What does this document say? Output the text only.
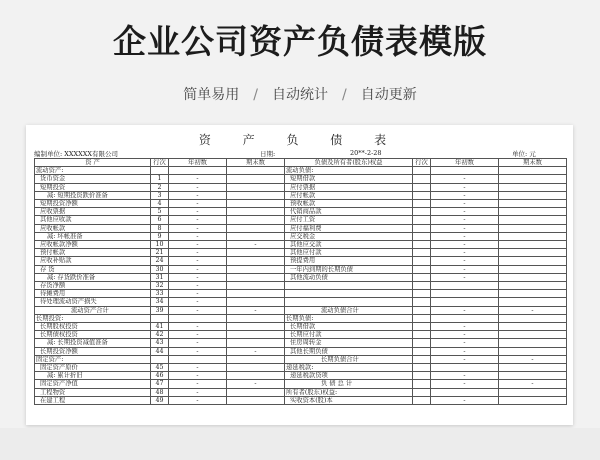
企业公司资产负债表模版
简单易用 / 自动统计 / 自动更新
资 产 负 债 表
编制单位: XXXXXX有限公司	日期:	20**-2-28	单位: 元
资 产	行次	年初数	期末数	负债及所有者(股东)权益	行次	年初数	期末数
流动资产:				流动负债:			
货币资金	1	-		短期借款		-	
短期投资	2	-		应付票据		-	
减: 短期投资跌价准备	3	-		应付帐款		-	
短期投资净额	4	-		预收帐款		-	
应收票据	5	-		代销商品款		-	
其他应收款	6	-		应付工资		-	
应收帐款	8	-		应付福利费		-	
减: 坏帐准备	9	-		应交税金		-	
应收帐款净额	10	-	-	其他应交款		-	
预付帐款	21	-		其他应付款		-	
应收补贴款	24	-		预提费用		-	
存 货	30	-		一年内到期的长期负债		-	
减: 存货跌价准备	31	-		其他流动负债		-	
存货净额	32	-					
待摊费用	33	-					
待处理流动资产损失	34	-					
流动资产合计	39	-	-	流动负债合计		-	-
长期投资:				长期负债:			
长期股权投资	41	-		长期借款		-	
长期债权投资	42	-		长期应付款		-	
减: 长期投资减值准备	43	-		住房周转金		-	
长期投资净额	44	-	-	其他长期负债		-	
固定资产:				长期负债合计		-	-
固定资产原价	45	-		递延税款:			
减: 累计折旧	46	-		递延税款贷项		-	
固定资产净值	47	-	-	负 债 总 计		-	-
工程物资	48	-		所有者(股东)权益:			
在建工程	49	-		实收资本(股)本		-	
